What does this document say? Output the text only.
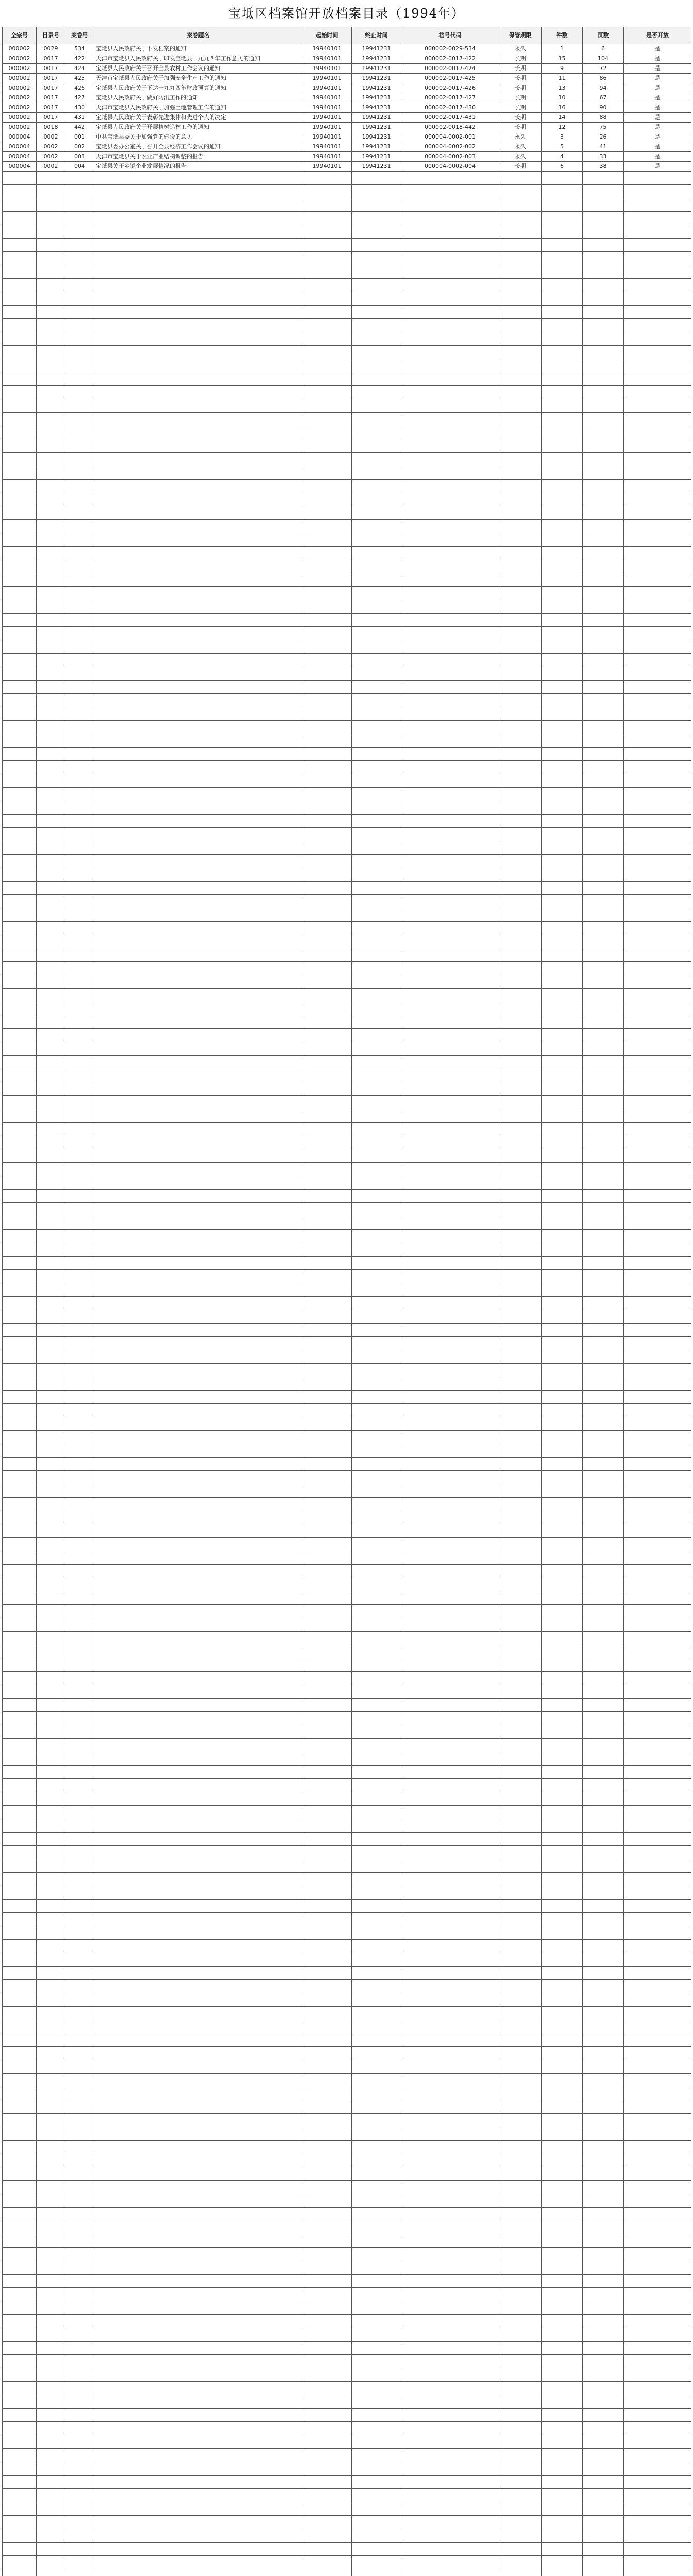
宝坻区档案馆开放档案目录（1994年）
全宗号	目录号	案卷号	案卷题名	起始时间	终止时间	档号代码	保管期限	件数	页数	是否开放
000002	0029	534	宝坻县人民政府关于下发档案的通知	19940101	19941231	000002-0029-534	永久	1	6	是
000002	0017	422	天津市宝坻县人民政府关于印发宝坻县一九九四年工作意见的通知	19940101	19941231	000002-0017-422	长期	15	104	是
000002	0017	424	宝坻县人民政府关于召开全县农村工作会议的通知	19940101	19941231	000002-0017-424	长期	9	72	是
000002	0017	425	天津市宝坻县人民政府关于加强安全生产工作的通知	19940101	19941231	000002-0017-425	长期	11	86	是
000002	0017	426	宝坻县人民政府关于下达一九九四年财政预算的通知	19940101	19941231	000002-0017-426	长期	13	94	是
000002	0017	427	宝坻县人民政府关于做好防汛工作的通知	19940101	19941231	000002-0017-427	长期	10	67	是
000002	0017	430	天津市宝坻县人民政府关于加强土地管理工作的通知	19940101	19941231	000002-0017-430	长期	16	90	是
000002	0017	431	宝坻县人民政府关于表彰先进集体和先进个人的决定	19940101	19941231	000002-0017-431	长期	14	88	是
000002	0018	442	宝坻县人民政府关于开展植树造林工作的通知	19940101	19941231	000002-0018-442	长期	12	75	是
000004	0002	001	中共宝坻县委关于加强党的建设的意见	19940101	19941231	000004-0002-001	永久	3	26	是
000004	0002	002	宝坻县委办公室关于召开全县经济工作会议的通知	19940101	19941231	000004-0002-002	永久	5	41	是
000004	0002	003	天津市宝坻县关于农业产业结构调整的报告	19940101	19941231	000004-0002-003	永久	4	33	是
000004	0002	004	宝坻县关于乡镇企业发展情况的报告	19940101	19941231	000004-0002-004	长期	6	38	是
